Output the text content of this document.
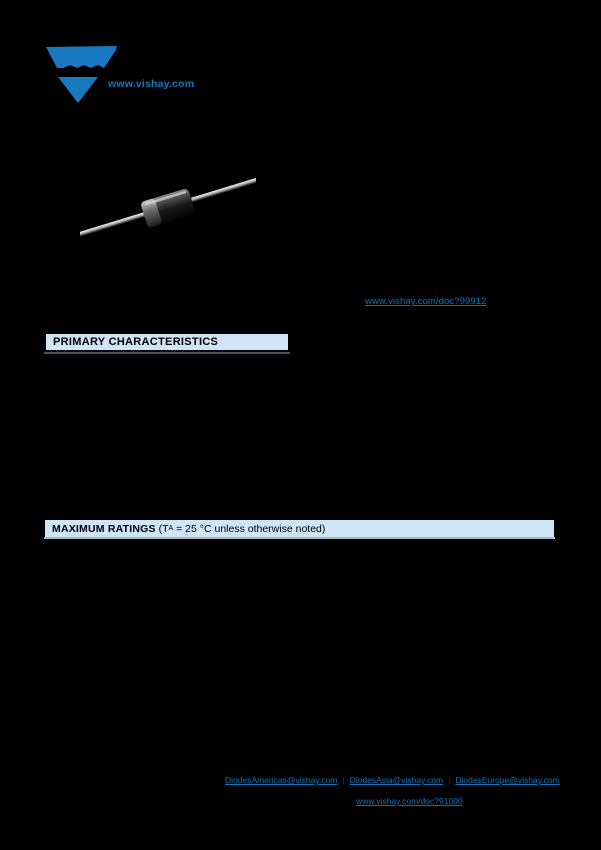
www.vishay.com
www.vishay.com/doc?99912
PRIMARY CHARACTERISTICS
MAXIMUM RATINGS (T A = 25 °C unless otherwise noted)
DiodesAmericas@vishay.com | DiodesAsia@vishay.com | DiodesEurope@vishay.com
www.vishay.com/doc?91000
